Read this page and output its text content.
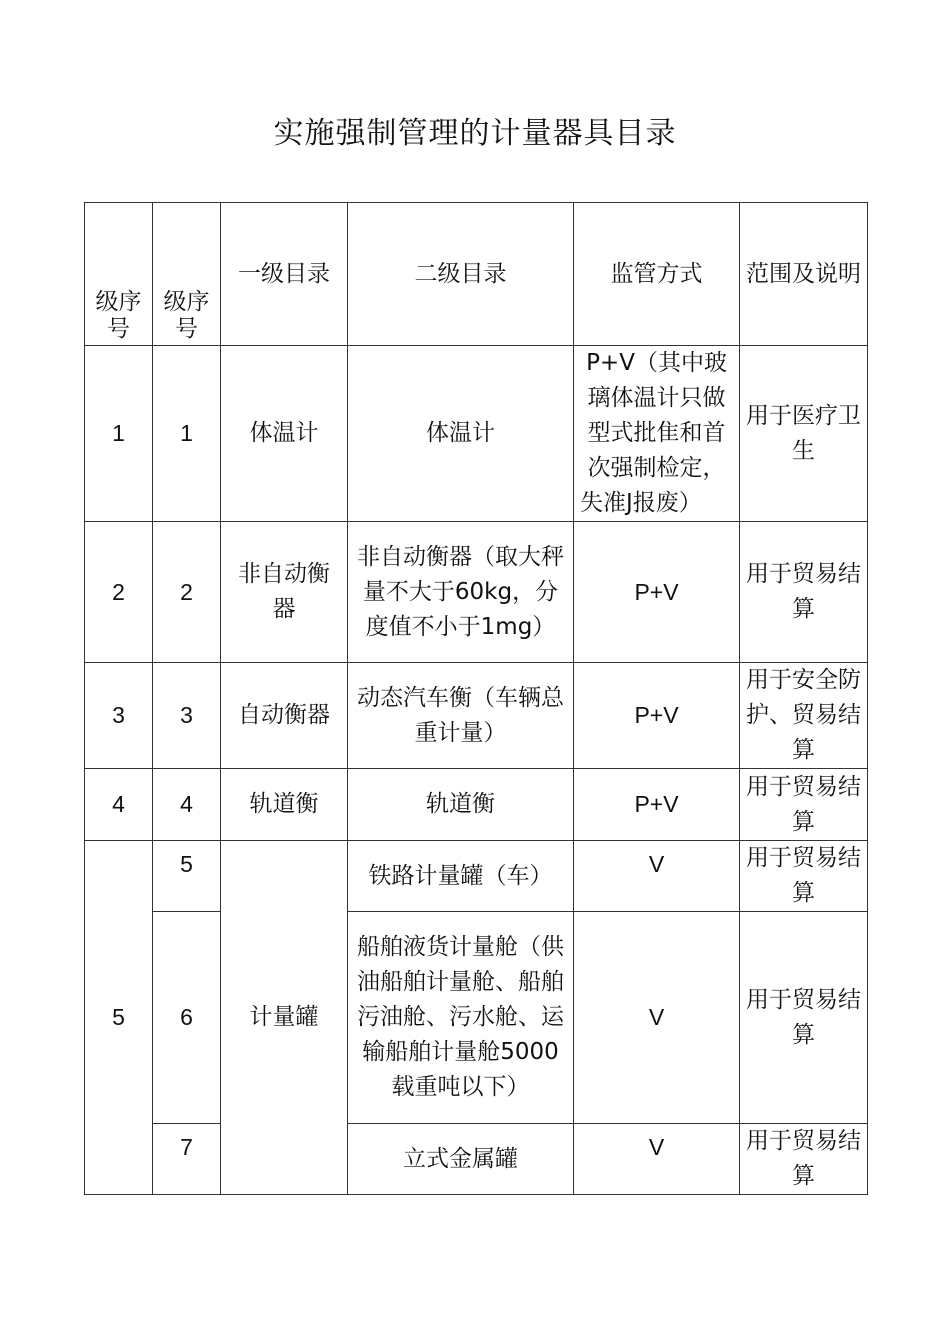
实施强制管理的计量器具目录
级序号	级序号	一级目录	二级目录	监管方式	范围及说明
1	1	体温计	体温计	P+V（其中玻璃体温计只做型式批隹和首次强制检定，失准J报废）	用于医疗卫生
2	2	非自动衡器	非自动衡器（取大秤量不大于60kg，分度值不小于1mg）	P+V	用于贸易结算
3	3	自动衡器	动态汽车衡（车辆总重计量）	P+V	用于安全防护、贸易结算
4	4	轨道衡	轨道衡	P+V	用于贸易结算
5	5	计量罐	铁路计量罐（车）	V	用于贸易结算
	6		船舶液货计量舱（供油船舶计量舱、船舶污油舱、污水舱、运输船舶计量舱5000载重吨以下）	V	用于贸易结算
	7		立式金属罐	V	用于贸易结算
